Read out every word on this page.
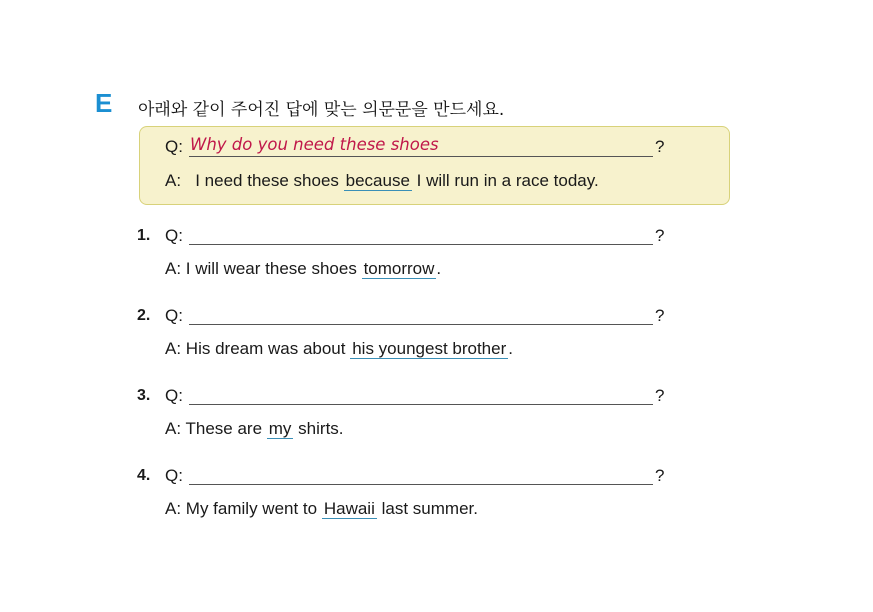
E 아래와 같이 주어진 답에 맞는 의문문을 만드세요.
Q: Why do you need these shoes	?
A: I need these shoes because I will run in a race today.
1. Q:	?
A: I will wear these shoes tomorrow .
2. Q:	?
A: His dream was about his youngest brother .
3. Q:	?
A: These are my shirts.
4. Q:	?
A: My family went to Hawaii last summer.
